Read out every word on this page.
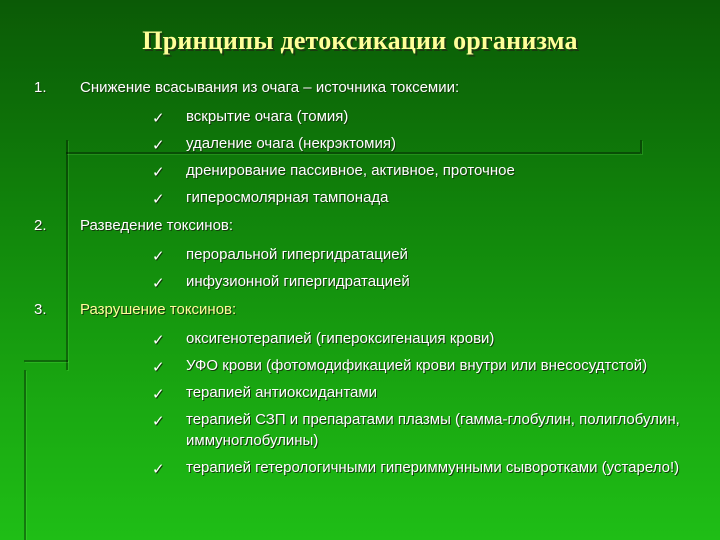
Принципы детоксикации организма
1. Снижение всасывания из очага – источника токсемии:
✓ вскрытие очага (томия)
✓ удаление очага (некрэктомия)
✓ дренирование пассивное, активное, проточное
✓ гиперосмолярная тампонада
2. Разведение токсинов:
✓ пероральной гипергидратацией
✓ инфузионной гипергидратацией
3. Разрушение токсинов:
✓ оксигенотерапией (гипероксигенация крови)
✓ УФО крови (фотомодификацией крови внутри или внесосудтстой)
✓ терапией антиоксидантами
✓ терапией СЗП и препаратами плазмы (гамма-глобулин, полиглобулин, иммуноглобулины)
✓ терапией гетерологичными гипериммунными сыворотками (устарело!)
